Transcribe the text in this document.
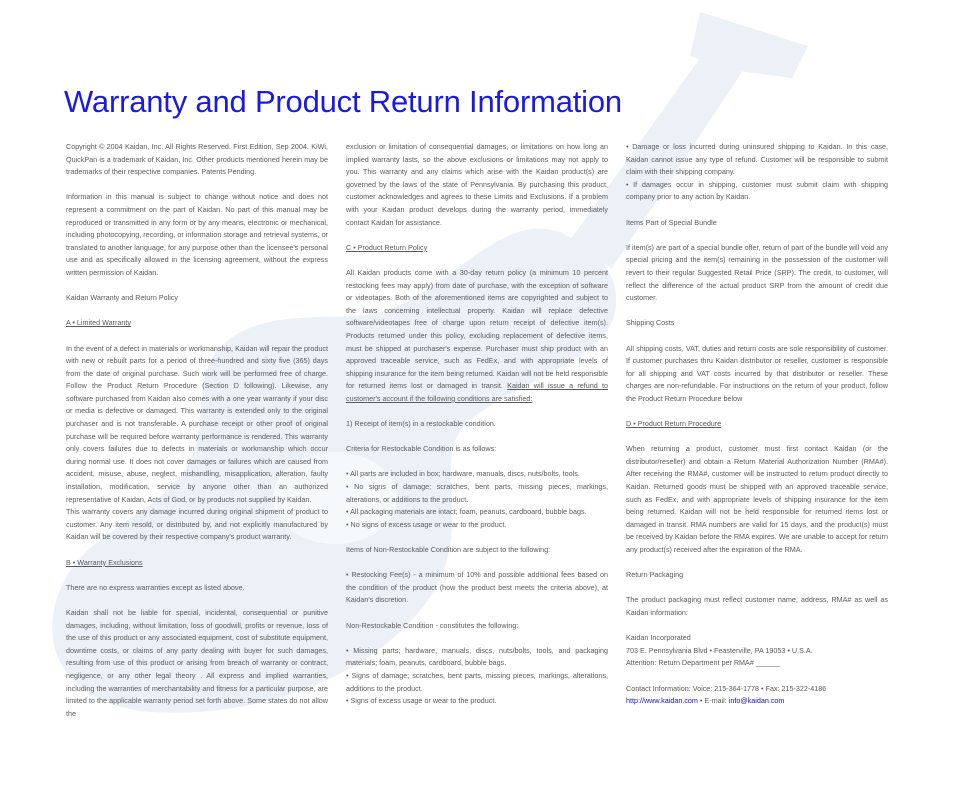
Warranty and Product Return Information

Copyright © 2004 Kaidan, Inc. All Rights Reserved. First Edition, Sep 2004. KiWi, QuickPan is a trademark of Kaidan, Inc. Other products mentioned herein may be trademarks of their respective companies. Patents Pending.

Information in this manual is subject to change without notice and does not represent a commitment on the part of Kaidan. No part of this manual may be reproduced or transmitted in any form or by any means, electronic or mechanical, including photocopying, recording, or information storage and retrieval systems, or translated to another language, for any purpose other than the licensee's personal use and as specifically allowed in the licensing agreement, without the express written permission of Kaidan.

Kaidan Warranty and Return Policy

A • Limited Warranty

In the event of a defect in materials or workmanship, Kaidan will repair the product with new or rebuilt parts for a period of three-hundred and sixty five (365) days from the date of original purchase. Such work will be performed free of charge. Follow the Product Return Procedure (Section D following). Likewise, any software purchased from Kaidan also comes with a one year warranty if your disc or media is defective or damaged. This warranty is extended only to the original purchaser and is not transferable. A purchase receipt or other proof of original purchase will be required before warranty performance is rendered. This warranty only covers failures due to defects in materials or workmanship which occur during normal use. It does not cover damages or failures which are caused from accident, misuse, abuse, neglect, mishandling, misapplication, alteration, faulty installation, modification, service by anyone other than an authorized representative of Kaidan, Acts of God, or by products not supplied by Kaidan.

This warranty covers any damage incurred during original shipment of product to customer. Any item resold, or distributed by, and not explicitly manufactured by Kaidan will be covered by their respective company's product warranty.

B • Warranty Exclusions

There are no express warranties except as listed above.

Kaidan shall not be liable for special, incidental, consequential or punitive damages, including, without limitation, loss of goodwill, profits or revenue, loss of the use of this product or any associated equipment, cost of substitute equipment, downtime costs, or claims of any party dealing with buyer for such damages, resulting from use of this product or arising from breach of warranty or contract, negligence, or any other legal theory . All express and implied warranties, including the warranties of merchantability and fitness for a particular purpose, are limited to the applicable warranty period set forth above. Some states do not allow the

exclusion or limitation of consequential damages, or limitations on how long an implied warranty lasts, so the above exclusions or limitations may not apply to you. This warranty and any claims which arise with the Kaidan product(s) are governed by the laws of the state of Pennsylvania. By purchasing this product, customer acknowledges and agrees to these Limits and Exclusions. If a problem with your Kaidan product develops during the warranty period, immediately contact Kaidan for assistance.

C • Product Return Policy

All Kaidan products come with a 30-day return policy (a minimum 10 percent restocking fees may apply) from date of purchase, with the exception of software or videotapes. Both of the aforementioned items are copyrighted and subject to the laws concerning intellectual property. Kaidan will replace defective software/videotapes free of charge upon return receipt of defective item(s). Products returned under this policy, excluding replacement of defective items, must be shipped at purchaser's expense. Purchaser must ship product with an approved traceable service, such as FedEx, and with appropriate levels of shipping insurance for the item being returned. Kaidan will not be held responsible for returned items lost or damaged in transit. Kaidan will issue a refund to customer's account if the following conditions are satisfied:

1) Receipt of item(s) in a restockable condition.

Criteria for Restockable Condition is as follows:

• All parts are included in box; hardware, manuals, discs, nuts/bolts, tools.
• No signs of damage; scratches, bent parts, missing pieces, markings, alterations, or additions to the product.
• All packaging materials are intact; foam, peanuts, cardboard, bubble bags.
• No signs of excess usage or wear to the product.

Items of Non-Restockable Condition are subject to the following:

• Restocking Fee(s) - a minimum of 10% and possible additional fees based on the condition of the product (how the product best meets the criteria above), at Kaidan's discretion.

Non-Restockable Condition - constitutes the following:

• Missing parts; hardware, manuals, discs, nuts/bolts, tools, and packaging materials; foam, peanuts, cardboard, bubble bags.
• Signs of damage; scratches, bent parts, missing pieces, markings, alterations, additions to the product.
• Signs of excess usage or wear to the product.

• Damage or loss incurred during uninsured shipping to Kaidan. In this case, Kaidan cannot issue any type of refund. Customer will be responsible to submit claim with their shipping company.
• If damages occur in shipping, customer must submit claim with shipping company prior to any action by Kaidan.

Items Part of Special Bundle

If item(s) are part of a special bundle offer, return of part of the bundle will void any special pricing and the item(s) remaining in the possession of the customer will revert to their regular Suggested Retail Price (SRP). The credit, to customer, will reflect the difference of the actual product SRP from the amount of credit due customer.

Shipping Costs

All shipping costs, VAT, duties and return costs are sole responsibility of customer. If customer purchases thru Kaidan distributor or reseller, customer is responsible for all shipping and VAT costs incurred by that distributor or reseller. These charges are non-refundable. For instructions on the return of your product, follow the Product Return Procedure below

D • Product Return Procedure

When returning a product, customer must first contact Kaidan (or the distributor/reseller) and obtain a Return Material Authorization Number (RMA#). After receiving the RMA#, customer will be instructed to return product directly to Kaidan. Returned goods must be shipped with an approved traceable service, such as FedEx, and with appropriate levels of shipping insurance for the item being returned. Kaidan will not be held responsible for returned items lost or damaged in transit. RMA numbers are valid for 15 days, and the product(s) must be received by Kaidan before the RMA expires. We are unable to accept for return any product(s) received after the expiration of the RMA.

Return Packaging

The product packaging must reflect customer name, address, RMA# as well as Kaidan information:

Kaidan Incorporated
703 E. Pennsylvania Blvd • Feasterville, PA 19053 • U.S.A.
Attention: Return Department per RMA# ______

Contact Information: Voice: 215-364-1778 • Fax: 215-322-4186
http://www.kaidan.com • E-mail: info@kaidan.com
